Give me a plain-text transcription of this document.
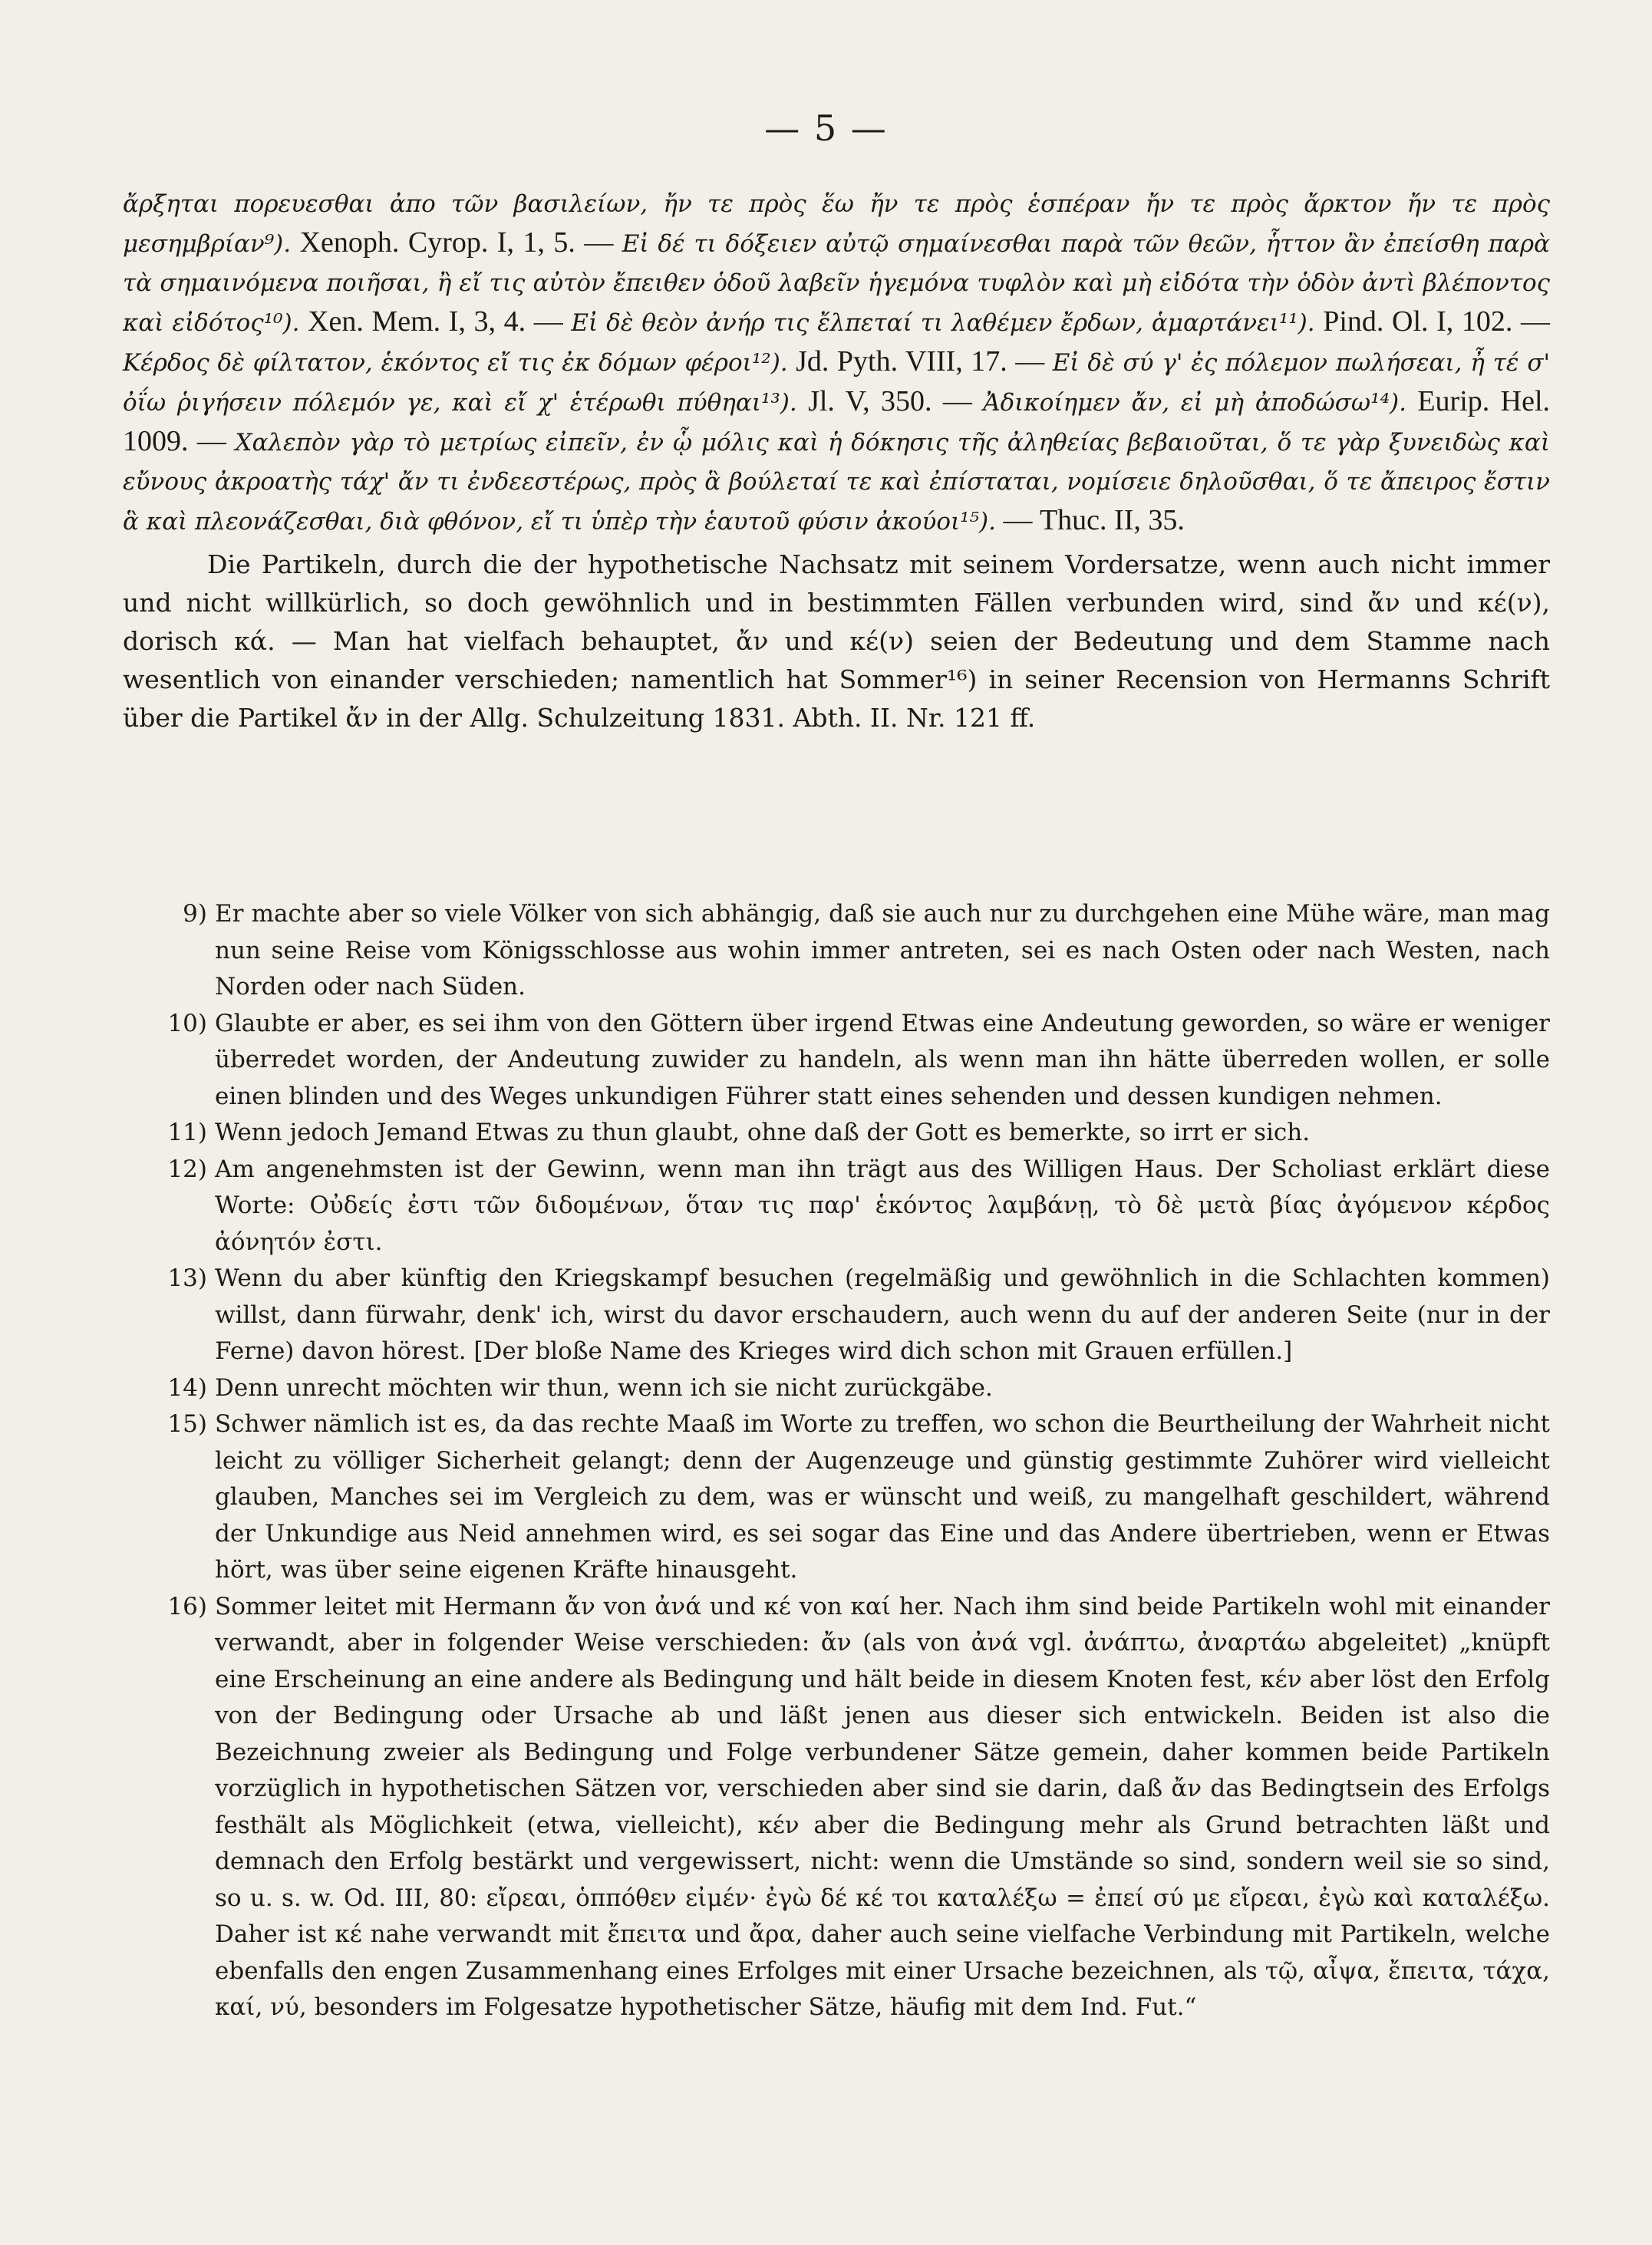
— 5 —

ἄρξηται πορευεσθαι ἀπο τῶν βασιλείων, ἤν τε πρὸς ἕω ἤν τε πρὸς ἑσπέραν ἤν τε πρὸς ἄρκτον ἤν τε πρὸς μεσημβρίαν⁹). Xenoph. Cyrop. I, 1, 5. — Εἰ δέ τι δόξειεν αὐτῷ σημαίνεσθαι παρὰ τῶν θεῶν, ἧττον ἂν ἐπείσθη παρὰ τὰ σημαινόμενα ποιῆσαι, ἢ εἴ τις αὐτὸν ἔπειθεν ὁδοῦ λαβεῖν ἡγεμόνα τυφλὸν καὶ μὴ εἰδότα τὴν ὁδὸν ἀντὶ βλέποντος καὶ εἰδότος¹⁰). Xen. Mem. I, 3, 4. — Εἰ δὲ θεὸν ἀνήρ τις ἔλπεταί τι λαθέμεν ἔρδων, ἁμαρτάνει¹¹). Pind. Ol. I, 102. — Κέρδος δὲ φίλτατον, ἑκόντος εἴ τις ἐκ δόμων φέροι¹²). Jd. Pyth. VIII, 17. — Εἰ δὲ σύ γ' ἐς πόλεμον πωλήσεαι, ἦ τέ σ' ὀΐω ῥιγήσειν πόλεμόν γε, καὶ εἴ χ' ἑτέρωθι πύθηαι¹³). Jl. V, 350. — Ἀδικοίημεν ἄν, εἰ μὴ ἀποδώσω¹⁴). Eurip. Hel. 1009. — Χαλεπὸν γὰρ τὸ μετρίως εἰπεῖν, ἐν ᾧ μόλις καὶ ἡ δόκησις τῆς ἀληθείας βεβαιοῦται, ὅ τε γὰρ ξυνειδὼς καὶ εὔνους ἀκροατὴς τάχ' ἄν τι ἐνδεεστέρως, πρὸς ἃ βούλεταί τε καὶ ἐπίσταται, νομίσειε δηλοῦσθαι, ὅ τε ἄπειρος ἔστιν ἃ καὶ πλεονάζεσθαι, διὰ φθόνον, εἴ τι ὑπὲρ τὴν ἑαυτοῦ φύσιν ἀκούοι¹⁵). — Thuc. II, 35.

Die Partikeln, durch die der hypothetische Nachsatz mit seinem Vordersatze, wenn auch nicht immer und nicht willkürlich, so doch gewöhnlich und in bestimmten Fällen verbunden wird, sind ἄν und κέ(ν), dorisch κά. — Man hat vielfach behauptet, ἄν und κέ(ν) seien der Bedeutung und dem Stamme nach wesentlich von einander verschieden; namentlich hat Sommer¹⁶) in seiner Recension von Hermanns Schrift über die Partikel ἄν in der Allg. Schulzeitung 1831. Abth. II. Nr. 121 ff.

9) Er machte aber so viele Völker von sich abhängig, daß sie auch nur zu durchgehen eine Mühe wäre, man mag nun seine Reise vom Königsschlosse aus wohin immer antreten, sei es nach Osten oder nach Westen, nach Norden oder nach Süden.

10) Glaubte er aber, es sei ihm von den Göttern über irgend Etwas eine Andeutung geworden, so wäre er weniger überredet worden, der Andeutung zuwider zu handeln, als wenn man ihn hätte überreden wollen, er solle einen blinden und des Weges unkundigen Führer statt eines sehenden und dessen kundigen nehmen.

11) Wenn jedoch Jemand Etwas zu thun glaubt, ohne daß der Gott es bemerkte, so irrt er sich.

12) Am angenehmsten ist der Gewinn, wenn man ihn trägt aus des Willigen Haus. Der Scholiast erklärt diese Worte: Οὐδείς ἐστι τῶν διδομένων, ὅταν τις παρ' ἑκόντος λαμβάνῃ, τὸ δὲ μετὰ βίας ἀγόμενον κέρδος ἀόνητόν ἐστι.

13) Wenn du aber künftig den Kriegskampf besuchen (regelmäßig und gewöhnlich in die Schlachten kommen) willst, dann fürwahr, denk' ich, wirst du davor erschaudern, auch wenn du auf der anderen Seite (nur in der Ferne) davon hörest. [Der bloße Name des Krieges wird dich schon mit Grauen erfüllen.]

14) Denn unrecht möchten wir thun, wenn ich sie nicht zurückgäbe.

15) Schwer nämlich ist es, da das rechte Maaß im Worte zu treffen, wo schon die Beurtheilung der Wahrheit nicht leicht zu völliger Sicherheit gelangt; denn der Augenzeuge und günstig gestimmte Zuhörer wird vielleicht glauben, Manches sei im Vergleich zu dem, was er wünscht und weiß, zu mangelhaft geschildert, während der Unkundige aus Neid annehmen wird, es sei sogar das Eine und das Andere übertrieben, wenn er Etwas hört, was über seine eigenen Kräfte hinausgeht.

16) Sommer leitet mit Hermann ἄν von ἀνά und κέ von καί her. Nach ihm sind beide Partikeln wohl mit einander verwandt, aber in folgender Weise verschieden: ἄν (als von ἀνά vgl. ἀνάπτω, ἀναρτάω abgeleitet) „knüpft eine Erscheinung an eine andere als Bedingung und hält beide in diesem Knoten fest, κέν aber löst den Erfolg von der Bedingung oder Ursache ab und läßt jenen aus dieser sich entwickeln. Beiden ist also die Bezeichnung zweier als Bedingung und Folge verbundener Sätze gemein, daher kommen beide Partikeln vorzüglich in hypothetischen Sätzen vor, verschieden aber sind sie darin, daß ἄν das Bedingtsein des Erfolgs festhält als Möglichkeit (etwa, vielleicht), κέν aber die Bedingung mehr als Grund betrachten läßt und demnach den Erfolg bestärkt und vergewissert, nicht: wenn die Umstände so sind, sondern weil sie so sind, so u. s. w. Od. III, 80: εἴρεαι, ὁππόθεν εἰμέν· ἐγὼ δέ κέ τοι καταλέξω = ἐπεί σύ με εἴρεαι, ἐγὼ καὶ καταλέξω. Daher ist κέ nahe verwandt mit ἔπειτα und ἄρα, daher auch seine vielfache Verbindung mit Partikeln, welche ebenfalls den engen Zusammenhang eines Erfolges mit einer Ursache bezeichnen, als τῷ, αἶψα, ἔπειτα, τάχα, καί, νύ, besonders im Folgesatze hypothetischer Sätze, häufig mit dem Ind. Fut.“
